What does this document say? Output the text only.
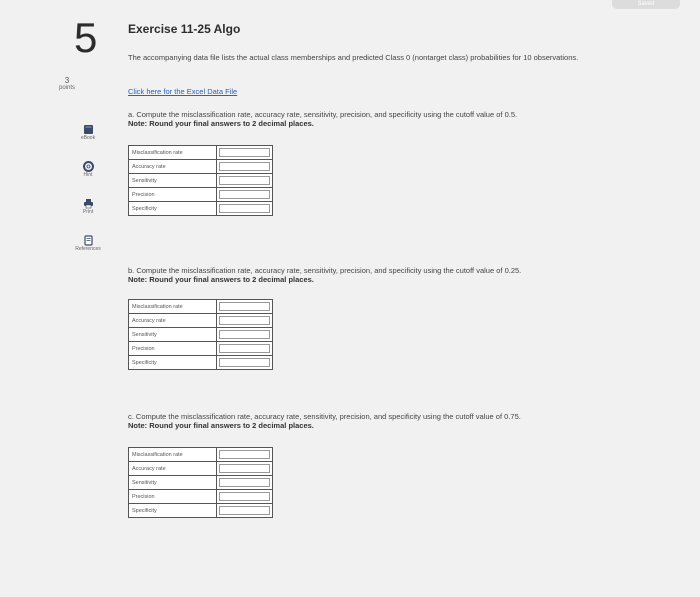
Saved
5
3
points
eBook
Hint
Print
References
Exercise 11-25 Algo
The accompanying data file lists the actual class memberships and predicted Class 0 (nontarget class) probabilities for 10 observations.
Click here for the Excel Data File
a. Compute the misclassification rate, accuracy rate, sensitivity, precision, and specificity using the cutoff value of 0.5.
Note: Round your final answers to 2 decimal places.
Misclassification rate	

Accuracy rate	

Sensitivity	

Precision	

Specificity	
b. Compute the misclassification rate, accuracy rate, sensitivity, precision, and specificity using the cutoff value of 0.25.
Note: Round your final answers to 2 decimal places.
Misclassification rate	

Accuracy rate	

Sensitivity	

Precision	

Specificity	
c. Compute the misclassification rate, accuracy rate, sensitivity, precision, and specificity using the cutoff value of 0.75.
Note: Round your final answers to 2 decimal places.
Misclassification rate	

Accuracy rate	

Sensitivity	

Precision	

Specificity	
